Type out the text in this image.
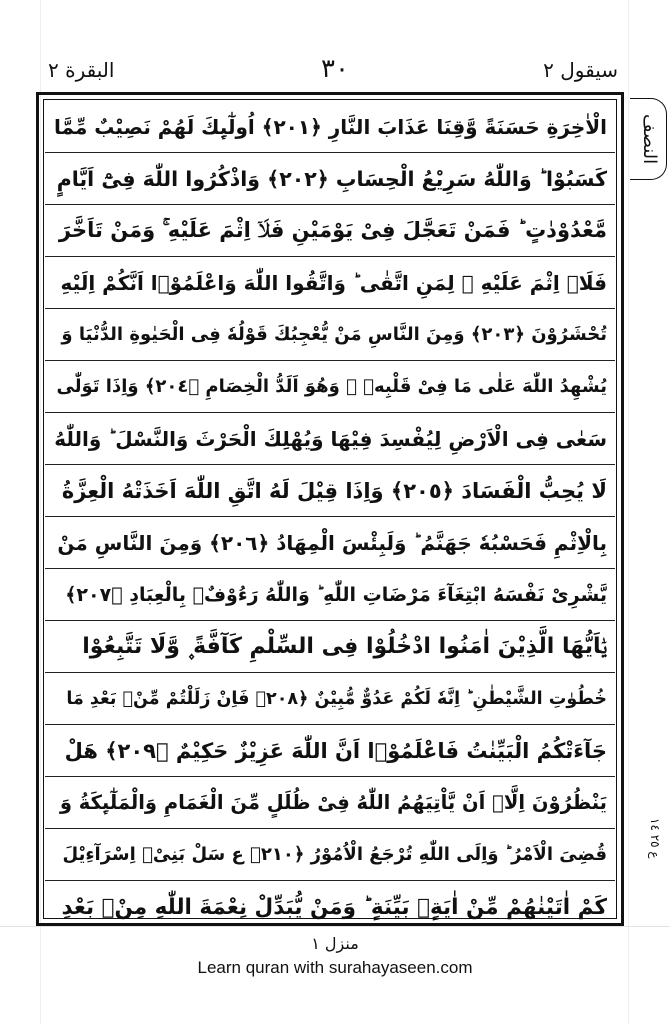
سیقول ٢
٣٠
البقرة ٢
الْاٰخِرَةِ حَسَنَةً وَّقِنَا عَذَابَ النَّارِ ﴿٢٠١﴾ اُولٰٓىِٕكَ لَهُمْ نَصِیْبٌ مِّمَّا
كَسَبُوْا ؕ وَاللّٰهُ سَرِیْعُ الْحِسَابِ ﴿٢٠٢﴾ وَاذْكُرُوا اللّٰهَ فِیْٓ اَیَّامٍ
مَّعْدُوْدٰتٍ ؕ فَمَنْ تَعَجَّلَ فِیْ یَوْمَیْنِ فَلَاۤ اِثْمَ عَلَیْهِ ۚ وَمَنْ تَاَخَّرَ
فَلَاۤ اِثْمَ عَلَیْهِ ۙ لِمَنِ اتَّقٰى ؕ وَاتَّقُوا اللّٰهَ وَاعْلَمُوْۤا اَنَّكُمْ اِلَیْهِ
تُحْشَرُوْنَ ﴿٢٠٣﴾ وَمِنَ النَّاسِ مَنْ یُّعْجِبُكَ قَوْلُهٗ فِی الْحَیٰوةِ الدُّنْیَا وَ
یُشْهِدُ اللّٰهَ عَلٰى مَا فِیْ قَلْبِهٖ ۙ وَهُوَ اَلَدُّ الْخِصَامِ ﴿٢٠٤﴾ وَاِذَا تَوَلّٰى
سَعٰى فِی الْاَرْضِ لِیُفْسِدَ فِیْهَا وَیُهْلِكَ الْحَرْثَ وَالنَّسْلَ ؕ وَاللّٰهُ
لَا یُحِبُّ الْفَسَادَ ﴿٢٠٥﴾ وَاِذَا قِیْلَ لَهُ اتَّقِ اللّٰهَ اَخَذَتْهُ الْعِزَّةُ
بِالْاِثْمِ فَحَسْبُهٗ جَهَنَّمُ ؕ وَلَبِئْسَ الْمِهَادُ ﴿٢٠٦﴾ وَمِنَ النَّاسِ مَنْ
یَّشْرِیْ نَفْسَهُ ابْتِغَآءَ مَرْضَاتِ اللّٰهِ ؕ وَاللّٰهُ رَءُوْفٌۢ بِالْعِبَادِ ﴿٢٠٧﴾
یٰۤاَیُّهَا الَّذِیْنَ اٰمَنُوا ادْخُلُوْا فِی السِّلْمِ كَآفَّةً ۪ وَّلَا تَتَّبِعُوْا
خُطُوٰتِ الشَّیْطٰنِ ؕ اِنَّهٗ لَكُمْ عَدُوٌّ مُّبِیْنٌ ﴿٢٠٨﴾ فَاِنْ زَلَلْتُمْ مِّنْۢ بَعْدِ مَا
جَآءَتْكُمُ الْبَیِّنٰتُ فَاعْلَمُوْۤا اَنَّ اللّٰهَ عَزِیْزٌ حَكِیْمٌ ﴿٢٠٩﴾ هَلْ
یَنْظُرُوْنَ اِلَّاۤ اَنْ یَّاْتِیَهُمُ اللّٰهُ فِیْ ظُلَلٍ مِّنَ الْغَمَامِ وَالْمَلٰٓىِٕكَةُ وَ
قُضِیَ الْاَمْرُ ؕ وَاِلَى اللّٰهِ تُرْجَعُ الْاُمُوْرُ ﴿٢١٠﴾ ع سَلْ بَنِیْۤ اِسْرَآءِیْلَ
كَمْ اٰتَیْنٰهُمْ مِّنْ اٰیَةٍۭ بَیِّنَةٍ ؕ وَمَنْ یُّبَدِّلْ نِعْمَةَ اللّٰهِ مِنْۢ بَعْدِ
النصف
ع ٢٥ ١٤
منزل ١
Learn quran with surahayaseen.com
